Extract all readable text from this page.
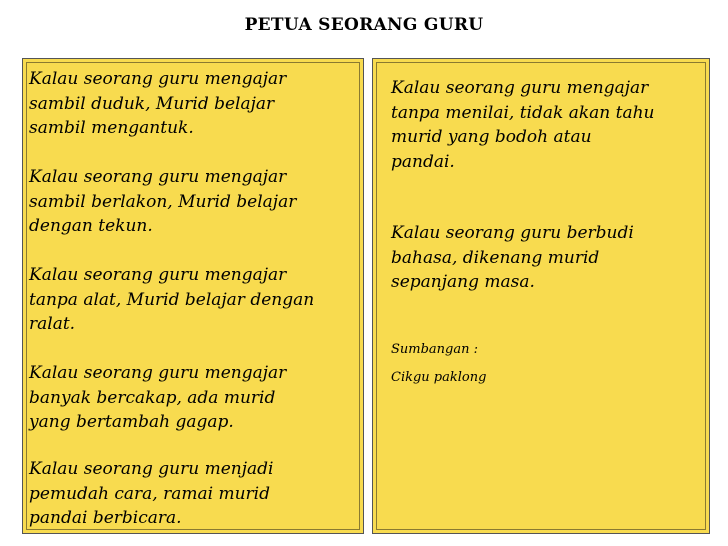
PETUA SEORANG GURU

Kalau seorang guru mengajar
sambil duduk, Murid belajar
sambil mengantuk.

Kalau seorang guru mengajar
sambil berlakon, Murid belajar
dengan tekun.

Kalau seorang guru mengajar
tanpa alat, Murid belajar dengan
ralat.

Kalau seorang guru mengajar
banyak bercakap, ada murid
yang bertambah gagap.

Kalau seorang guru menjadi
pemudah cara, ramai murid
pandai berbicara.

Kalau seorang guru mengajar
tanpa menilai, tidak akan tahu
murid yang bodoh atau
pandai.

Kalau seorang guru berbudi
bahasa, dikenang murid
sepanjang masa.

Sumbangan :

Cikgu paklong
